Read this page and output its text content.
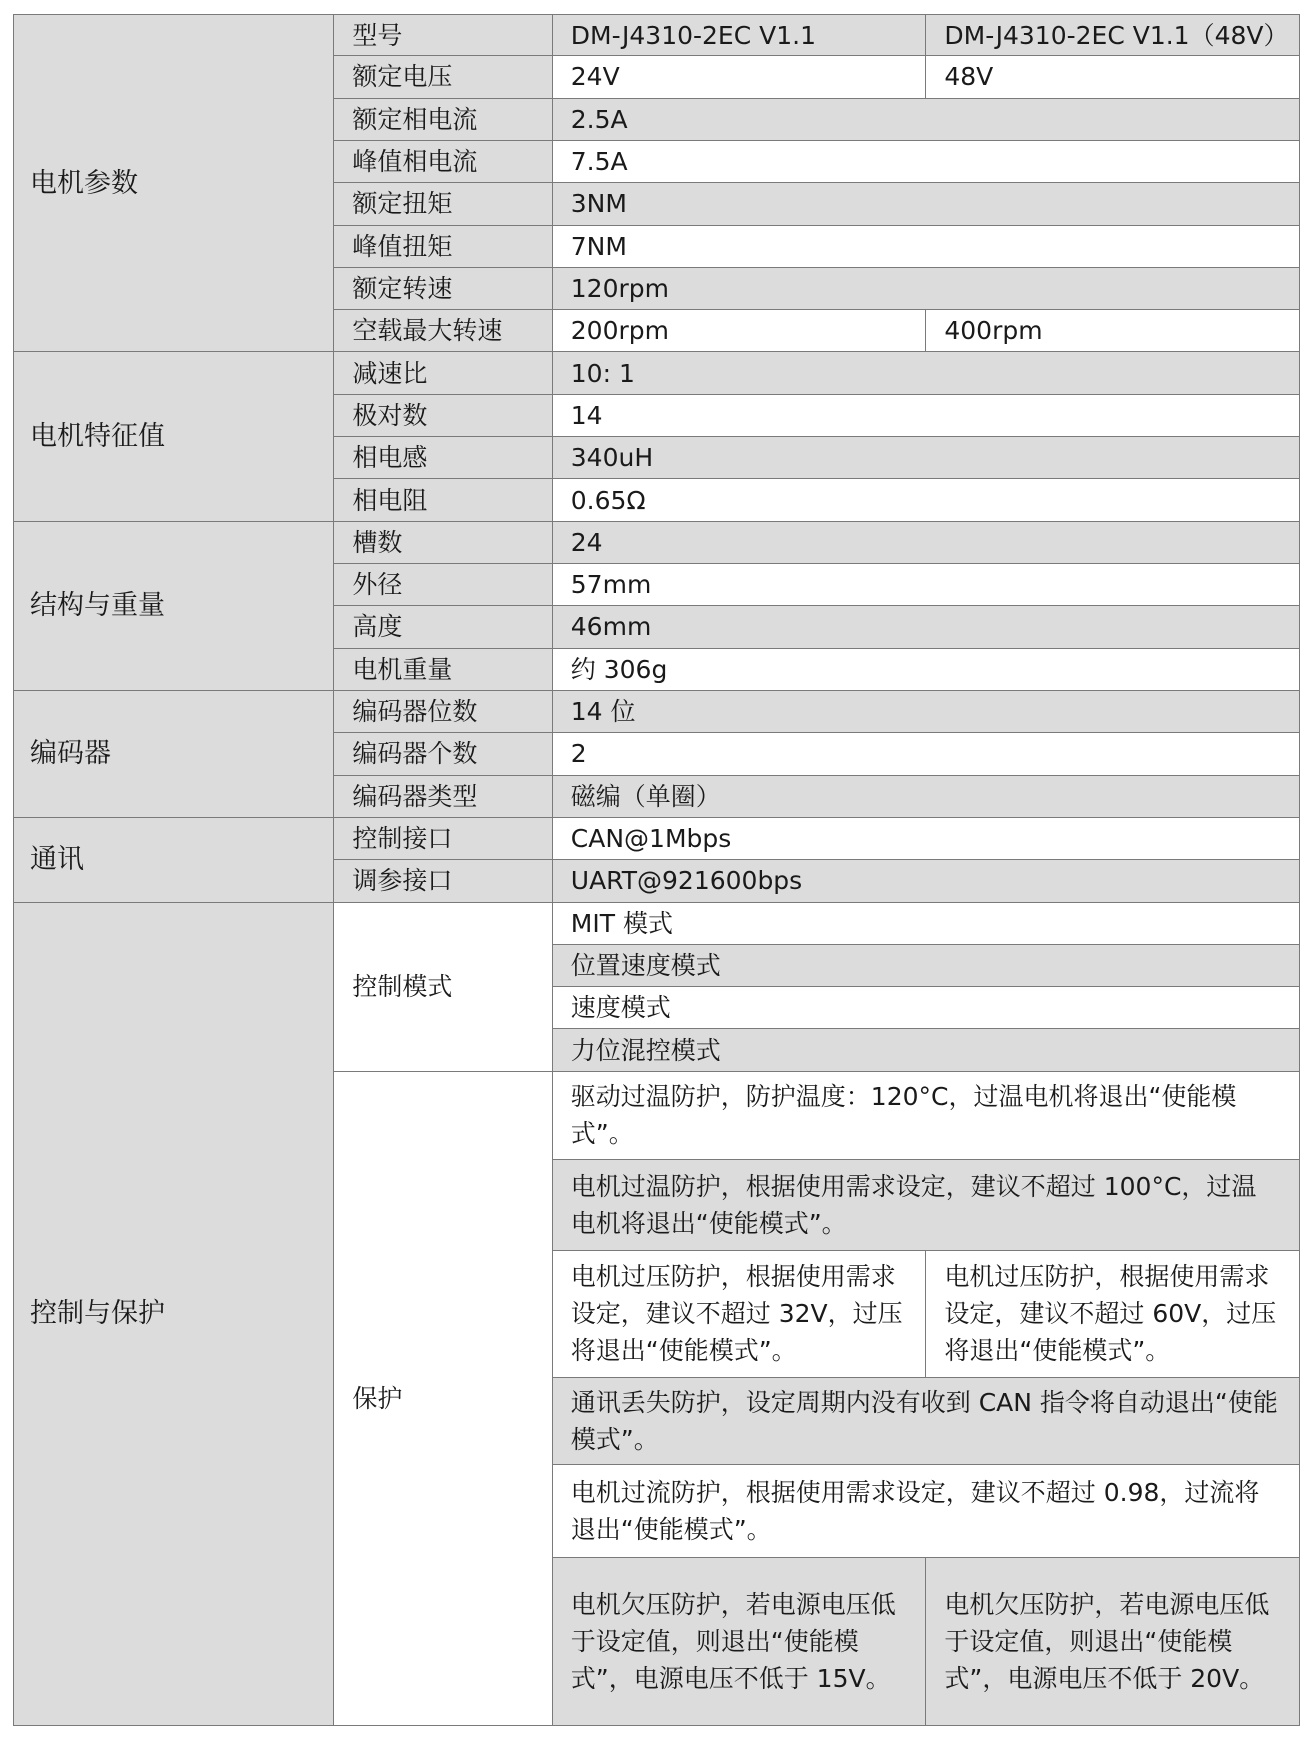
电机参数	型号	DM-J4310-2EC V1.1	DM-J4310-2EC V1.1（48V）
	额定电压	24V	48V
	额定相电流	2.5A	
	峰值相电流	7.5A	
	额定扭矩	3NM	
	峰值扭矩	7NM	
	额定转速	120rpm	
	空载最大转速	200rpm	400rpm
电机特征值	减速比	10: 1	
	极对数	14	
	相电感	340uH	
	相电阻	0.65Ω	
结构与重量	槽数	24	
	外径	57mm	
	高度	46mm	
	电机重量	约 306g	
编码器	编码器位数	14 位	
	编码器个数	2	
	编码器类型	磁编（单圈）	
通讯	控制接口	CAN@1Mbps	
	调参接口	UART@921600bps	
控制与保护	控制模式	MIT 模式	
		位置速度模式	
		速度模式	
		力位混控模式	
	保护	驱动过温防护，防护温度：120°C，过温电机将退出“使能模式”。	
		电机过温防护，根据使用需求设定，建议不超过 100°C，过温电机将退出“使能模式”。	
		电机过压防护，根据使用需求设定，建议不超过 32V，过压将退出“使能模式”。	电机过压防护，根据使用需求设定，建议不超过 60V，过压将退出“使能模式”。
		通讯丢失防护，设定周期内没有收到 CAN 指令将自动退出“使能模式”。	
		电机过流防护，根据使用需求设定，建议不超过 0.98，过流将退出“使能模式”。	
		电机欠压防护，若电源电压低于设定值，则退出“使能模式”，电源电压不低于 15V。	电机欠压防护，若电源电压低于设定值，则退出“使能模式”，电源电压不低于 20V。
